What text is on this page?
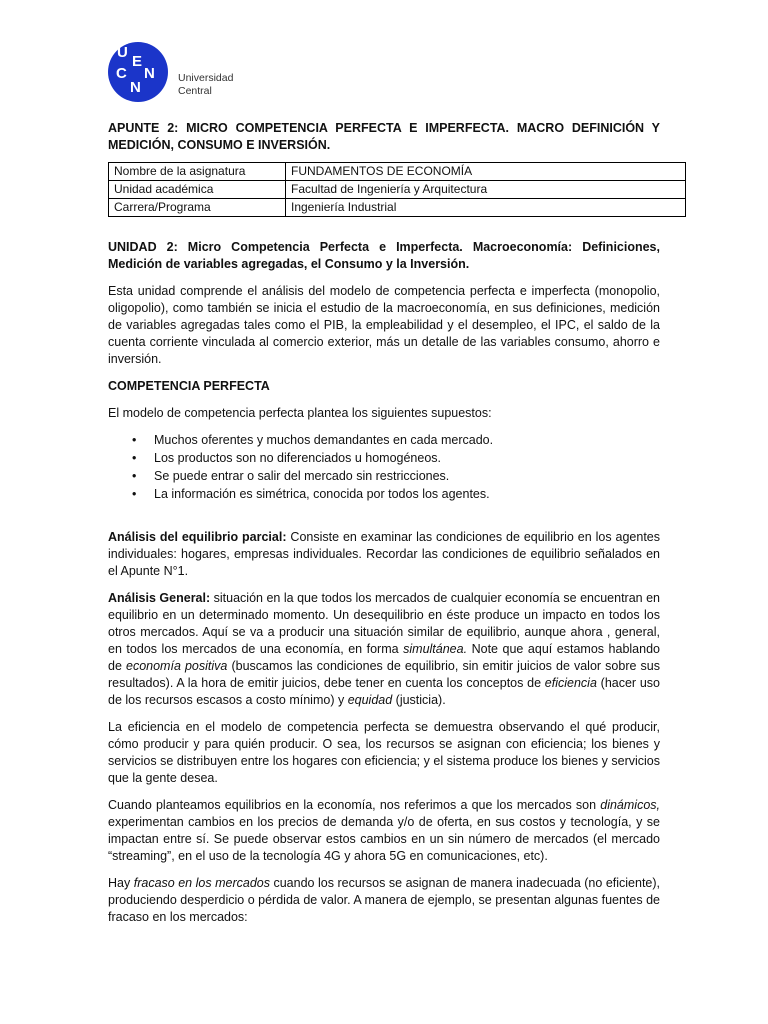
U
E
N
C
N
Universidad
Central

APUNTE 2: MICRO COMPETENCIA PERFECTA E IMPERFECTA. MACRO DEFINICIÓN Y MEDICIÓN, CONSUMO E INVERSIÓN.

Nombre de la asignatura	FUNDAMENTOS DE ECONOMÍA
Unidad académica	Facultad de Ingeniería y Arquitectura
Carrera/Programa	Ingeniería Industrial

UNIDAD 2: Micro Competencia Perfecta e Imperfecta. Macroeconomía: Definiciones, Medición de variables agregadas, el Consumo y la Inversión.

Esta unidad comprende el análisis del modelo de competencia perfecta e imperfecta (monopolio, oligopolio), como también se inicia el estudio de la macroeconomía, en sus definiciones, medición de variables agregadas tales como el PIB, la empleabilidad y el desempleo, el IPC, el saldo de la cuenta corriente vinculada al comercio exterior, más un detalle de las variables consumo, ahorro e inversión.

COMPETENCIA PERFECTA

El modelo de competencia perfecta plantea los siguientes supuestos:

• Muchos oferentes y muchos demandantes en cada mercado.
• Los productos son no diferenciados u homogéneos.
• Se puede entrar o salir del mercado sin restricciones.
• La información es simétrica, conocida por todos los agentes.

Análisis del equilibrio parcial: Consiste en examinar las condiciones de equilibrio en los agentes individuales: hogares, empresas individuales. Recordar las condiciones de equilibrio señalados en el Apunte N°1.

Análisis General: situación en la que todos los mercados de cualquier economía se encuentran en equilibrio en un determinado momento. Un desequilibrio en éste produce un impacto en todos los otros mercados. Aquí se va a producir una situación similar de equilibrio, aunque ahora , general, en todos los mercados de una economía, en forma simultánea. Note que aquí estamos hablando de economía positiva (buscamos las condiciones de equilibrio, sin emitir juicios de valor sobre sus resultados). A la hora de emitir juicios, debe tener en cuenta los conceptos de eficiencia (hacer uso de los recursos escasos a costo mínimo) y equidad (justicia).

La eficiencia en el modelo de competencia perfecta se demuestra observando el qué producir, cómo producir y para quién producir. O sea, los recursos se asignan con eficiencia; los bienes y servicios se distribuyen entre los hogares con eficiencia; y el sistema produce los bienes y servicios que la gente desea.

Cuando planteamos equilibrios en la economía, nos referimos a que los mercados son dinámicos, experimentan cambios en los precios de demanda y/o de oferta, en sus costos y tecnología, y se impactan entre sí. Se puede observar estos cambios en un sin número de mercados (el mercado “streaming”, en el uso de la tecnología 4G y ahora 5G en comunicaciones, etc).

Hay fracaso en los mercados cuando los recursos se asignan de manera inadecuada (no eficiente), produciendo desperdicio o pérdida de valor. A manera de ejemplo, se presentan algunas fuentes de fracaso en los mercados:
